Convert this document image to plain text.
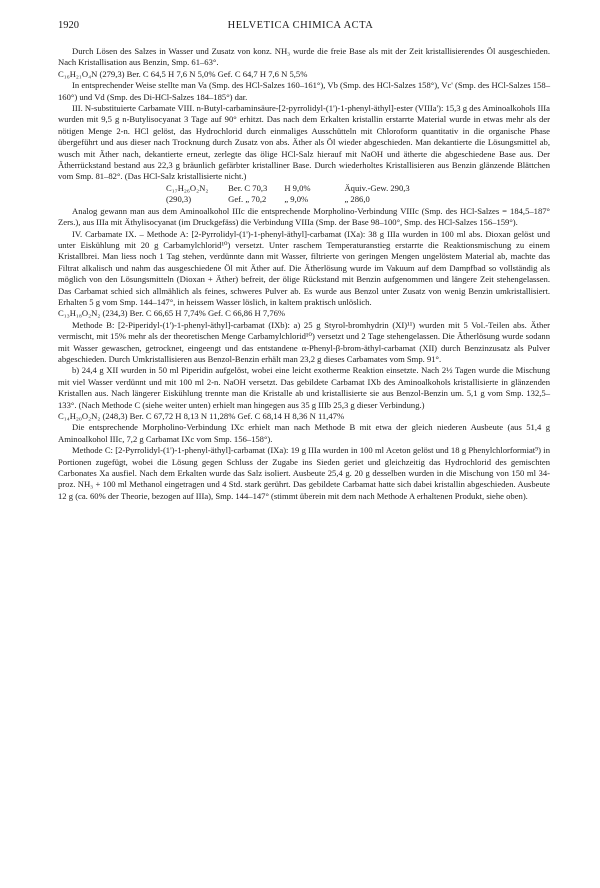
1920	HELVETICA CHIMICA ACTA

Durch Lösen des Salzes in Wasser und Zusatz von konz. NH₃ wurde die freie Base als mit der Zeit kristallisierendes Öl ausgeschieden. Nach Kristallisation aus Benzin, Smp. 61–63°.

C₁₆H₂₁O₄N (279,3) Ber. C 64,5 H 7,6 N 5,0% Gef. C 64,7 H 7,6 N 5,5%

In entsprechender Weise stellte man Va (Smp. des HCl-Salzes 160–161°), Vb (Smp. des HCl-Salzes 158°), Vc' (Smp. des HCl-Salzes 158–160°) und Vd (Smp. des Di-HCl-Salzes 184–185°) dar.

III. N-substituierte Carbamate VIII. n-Butyl-carbaminsäure-[2-pyrrolidyl-(1')-1-phenyl-äthyl]-ester (VIIIa'): 15,3 g des Aminoalkohols IIIa wurden mit 9,5 g n-Butylisocyanat 3 Tage auf 90° erhitzt. Das nach dem Erkalten kristallin erstarrte Material wurde in etwas mehr als der nötigen Menge 2-n. HCl gelöst, das Hydrochlorid durch einmaliges Ausschütteln mit Chloroform quantitativ in die organische Phase übergeführt und aus dieser nach Trocknung durch Zusatz von abs. Äther als Öl wieder abgeschieden. Man dekantierte die Lösungsmittel ab, wusch mit Äther nach, dekantierte erneut, zerlegte das ölige HCl-Salz hierauf mit NaOH und ätherte die abgeschiedene Base aus. Der Ätherrückstand bestand aus 22,3 g bräunlich gefärbter kristalliner Base. Durch wiederholtes Kristallisieren aus Benzin glänzende Blättchen vom Smp. 81–82°. (Das HCl-Salz kristallisierte nicht.)

C₁₇H₂₆O₂N₂ Ber. C 70,3 H 9,0%	Äquiv.-Gew. 290,3
(290,3)	Gef. „ 70,2 „ 9,0%	„ 286,0

Analog gewann man aus dem Aminoalkohol IIIc die entsprechende Morpholino-Verbindung VIIIc (Smp. des HCl-Salzes = 184,5–187° Zers.), aus IIIa mit Äthylisocyanat (im Druckgefäss) die Verbindung VIIIa (Smp. der Base 98–100°, Smp. des HCl-Salzes 156–159°).

IV. Carbamate IX. – Methode A: [2-Pyrrolidyl-(1')-1-phenyl-äthyl]-carbamat (IXa): 38 g IIIa wurden in 100 ml abs. Dioxan gelöst und unter Eiskühlung mit 20 g Carbamylchlorid¹⁰) versetzt. Unter raschem Temperaturanstieg erstarrte die Reaktionsmischung zu einem Kristallbrei. Man liess noch 1 Tag stehen, verdünnte dann mit Wasser, filtrierte von geringen Mengen ungelöstem Material ab, machte das Filtrat alkalisch und nahm das ausgeschiedene Öl mit Äther auf. Die Ätherlösung wurde im Vakuum auf dem Dampfbad so vollständig als möglich von den Lösungsmitteln (Dioxan + Äther) befreit, der ölige Rückstand mit Benzin aufgenommen und längere Zeit stehengelassen. Das Carbamat schied sich allmählich als feines, schweres Pulver ab. Es wurde aus Benzol unter Zusatz von wenig Benzin umkristallisiert. Erhalten 5 g vom Smp. 144–147°, in heissem Wasser löslich, in kaltem praktisch unlöslich.

C₁₃H₁₈O₂N₂ (234,3) Ber. C 66,65 H 7,74% Gef. C 66,86 H 7,76%

Methode B: [2-Piperidyl-(1')-1-phenyl-äthyl]-carbamat (IXb): a) 25 g Styrol-bromhydrin (XI)¹¹) wurden mit 5 Vol.-Teilen abs. Äther vermischt, mit 15% mehr als der theoretischen Menge Carbamylchlorid¹⁰) versetzt und 2 Tage stehengelassen. Die Ätherlösung wurde sodann mit Wasser gewaschen, getrocknet, eingeengt und das entstandene α-Phenyl-β-brom-äthyl-carbamat (XII) durch Benzinzusatz als Pulver abgeschieden. Durch Umkristallisieren aus Benzol-Benzin erhält man 23,2 g dieses Carbamates vom Smp. 91°.

b) 24,4 g XII wurden in 50 ml Piperidin aufgelöst, wobei eine leicht exotherme Reaktion einsetzte. Nach 2½ Tagen wurde die Mischung mit viel Wasser verdünnt und mit 100 ml 2-n. NaOH versetzt. Das gebildete Carbamat IXb des Aminoalkohols kristallisierte in glänzenden Kristallen aus. Nach längerer Eiskühlung trennte man die Kristalle ab und kristallisierte sie aus Benzol-Benzin um. 5,1 g vom Smp. 132,5–133°. (Nach Methode C (siehe weiter unten) erhielt man hingegen aus 35 g IIIb 25,3 g dieser Verbindung.)

C₁₄H₂₀O₂N₂ (248,3) Ber. C 67,72 H 8,13 N 11,28% Gef. C 68,14 H 8,36 N 11,47%

Die entsprechende Morpholino-Verbindung IXc erhielt man nach Methode B mit etwa der gleich niederen Ausbeute (aus 51,4 g Aminoalkohol IIIc, 7,2 g Carbamat IXc vom Smp. 156–158°).

Methode C: [2-Pyrrolidyl-(1')-1-phenyl-äthyl]-carbamat (IXa): 19 g IIIa wurden in 100 ml Aceton gelöst und 18 g Phenylchlorformiat⁹) in Portionen zugefügt, wobei die Lösung gegen Schluss der Zugabe ins Sieden geriet und gleichzeitig das Hydrochlorid des gemischten Carbonates Xa ausfiel. Nach dem Erkalten wurde das Salz isoliert. Ausbeute 25,4 g. 20 g desselben wurden in die Mischung von 150 ml 34-proz. NH₃ + 100 ml Methanol eingetragen und 4 Std. stark gerührt. Das gebildete Carbamat hatte sich dabei kristallin abgeschieden. Ausbeute 12 g (ca. 60% der Theorie, bezogen auf IIIa), Smp. 144–147° (stimmt überein mit dem nach Methode A erhaltenen Produkt, siehe oben).
